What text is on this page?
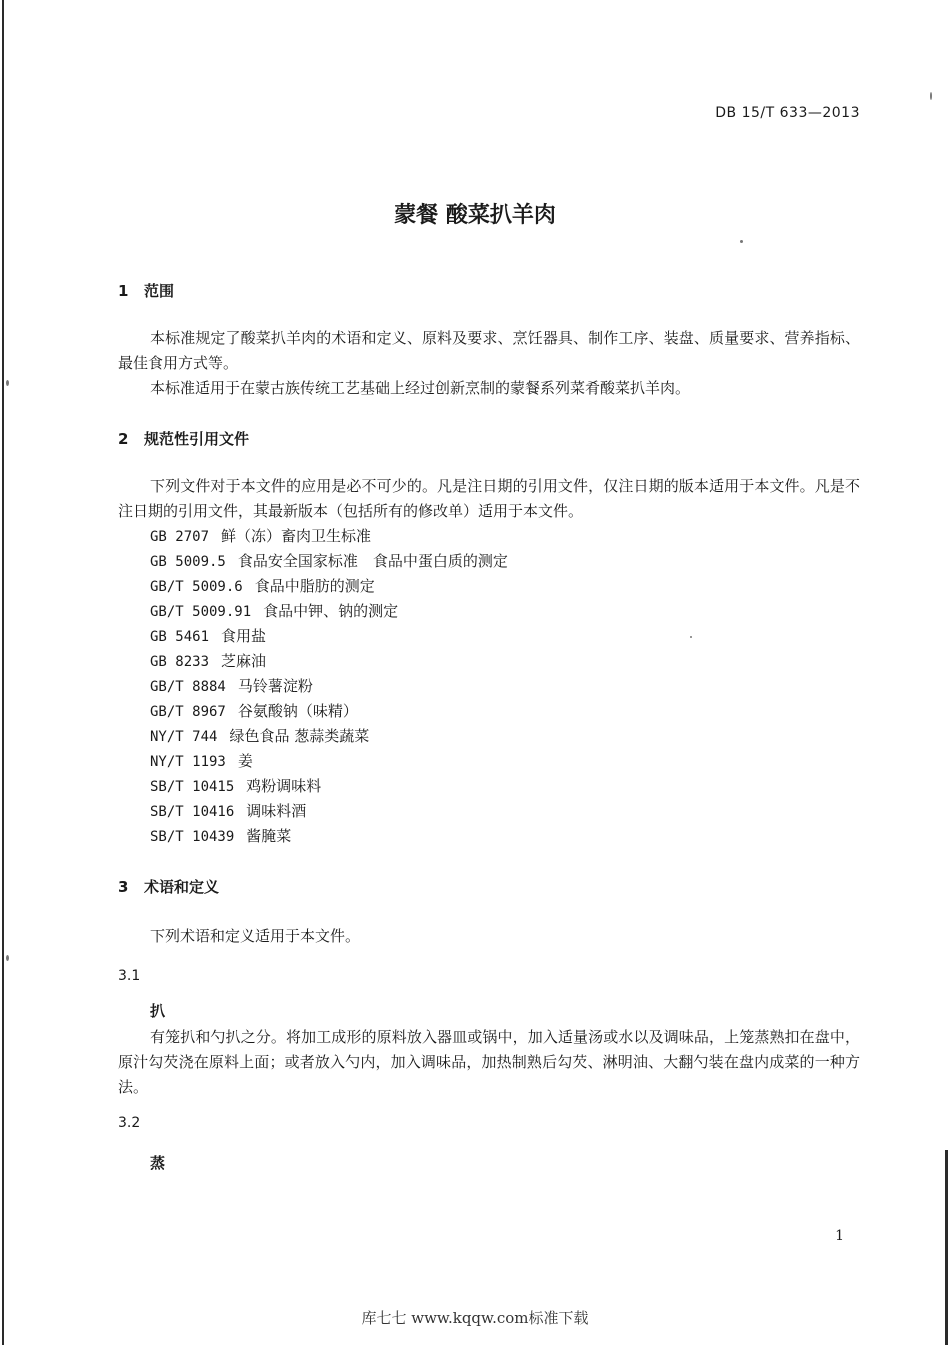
DB 15/T 633—2013
蒙餐 酸菜扒羊肉
1 范围
本标准规定了酸菜扒羊肉的术语和定义、原料及要求、烹饪器具、制作工序、装盘、质量要求、营养指标、最佳食用方式等。
本标准适用于在蒙古族传统工艺基础上经过创新烹制的蒙餐系列菜肴酸菜扒羊肉。
2 规范性引用文件
下列文件对于本文件的应用是必不可少的。凡是注日期的引用文件，仅注日期的版本适用于本文件。凡是不注日期的引用文件，其最新版本（包括所有的修改单）适用于本文件。
GB 2707 鲜（冻）畜肉卫生标准
GB 5009.5 食品安全国家标准　食品中蛋白质的测定
GB/T 5009.6 食品中脂肪的测定
GB/T 5009.91 食品中钾、钠的测定
GB 5461 食用盐
GB 8233 芝麻油
GB/T 8884 马铃薯淀粉
GB/T 8967 谷氨酸钠（味精）
NY/T 744 绿色食品 葱蒜类蔬菜
NY/T 1193 姜
SB/T 10415 鸡粉调味料
SB/T 10416 调味料酒
SB/T 10439 酱腌菜
3 术语和定义
下列术语和定义适用于本文件。
3.1
扒
有笼扒和勺扒之分。将加工成形的原料放入器皿或锅中，加入适量汤或水以及调味品，上笼蒸熟扣在盘中，原汁勾芡浇在原料上面；或者放入勺内，加入调味品，加热制熟后勾芡、淋明油、大翻勺装在盘内成菜的一种方法。
3.2
蒸
1
库七七 www.kqqw.com标准下载
